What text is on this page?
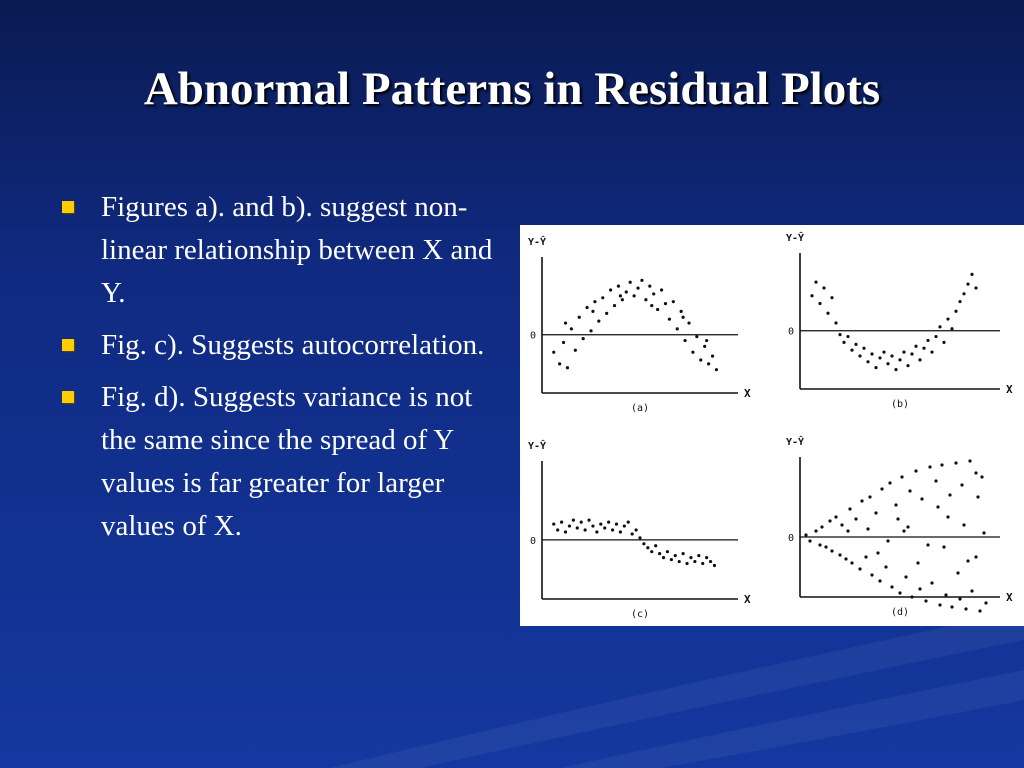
Abnormal Patterns in Residual Plots
Figures a). and b). suggest non-linear relationship between X and Y.
Fig. c). Suggests autocorrelation.
Fig. d). Suggests variance is not the same since the spread of Y values is far greater for larger values of X.
0
Y-Ŷ
X
(a)
0
Y-Ŷ
X
(b)
0
Y-Ŷ
X
(c)
0
Y-Ŷ
X
(d)
